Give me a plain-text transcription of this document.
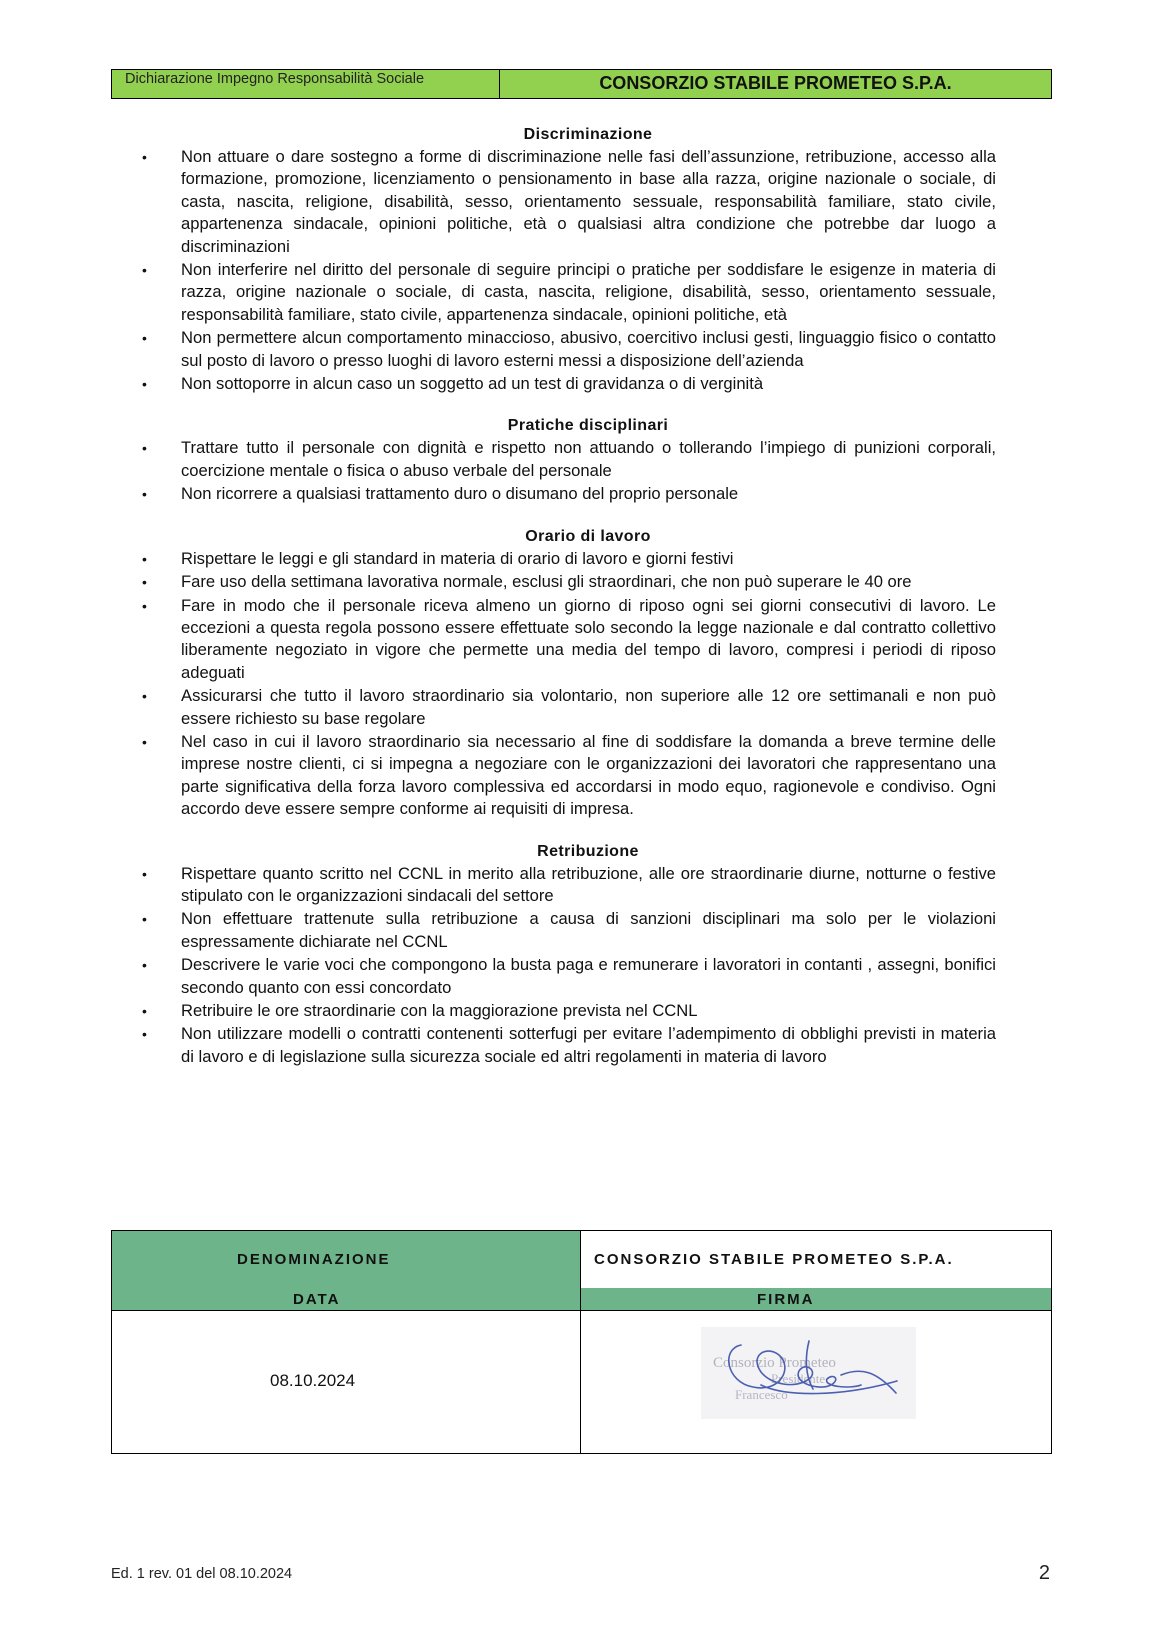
Dichiarazione Impegno Responsabilità Sociale	CONSORZIO STABILE PROMETEO S.P.A.
Discriminazione
• Non attuare o dare sostegno a forme di discriminazione nelle fasi dell’assunzione, retribuzione, accesso alla formazione, promozione, licenziamento o pensionamento in base alla razza, origine nazionale o sociale, di casta, nascita, religione, disabilità, sesso, orientamento sessuale, responsabilità familiare, stato civile, appartenenza sindacale, opinioni politiche, età o qualsiasi altra condizione che potrebbe dar luogo a discriminazioni
• Non interferire nel diritto del personale di seguire principi o pratiche per soddisfare le esigenze in materia di razza, origine nazionale o sociale, di casta, nascita, religione, disabilità, sesso, orientamento sessuale, responsabilità familiare, stato civile, appartenenza sindacale, opinioni politiche, età
• Non permettere alcun comportamento minaccioso, abusivo, coercitivo inclusi gesti, linguaggio fisico o contatto sul posto di lavoro o presso luoghi di lavoro esterni messi a disposizione dell’azienda
• Non sottoporre in alcun caso un soggetto ad un test di gravidanza o di verginità
Pratiche disciplinari
• Trattare tutto il personale con dignità e rispetto non attuando o tollerando l’impiego di punizioni corporali, coercizione mentale o fisica o abuso verbale del personale
• Non ricorrere a qualsiasi trattamento duro o disumano del proprio personale
Orario di lavoro
• Rispettare le leggi e gli standard in materia di orario di lavoro e giorni festivi
• Fare uso della settimana lavorativa normale, esclusi gli straordinari, che non può superare le 40 ore
• Fare in modo che il personale riceva almeno un giorno di riposo ogni sei giorni consecutivi di lavoro. Le eccezioni a questa regola possono essere effettuate solo secondo la legge nazionale e dal contratto collettivo liberamente negoziato in vigore che permette una media del tempo di lavoro, compresi i periodi di riposo adeguati
• Assicurarsi che tutto il lavoro straordinario sia volontario, non superiore alle 12 ore settimanali e non può essere richiesto su base regolare
• Nel caso in cui il lavoro straordinario sia necessario al fine di soddisfare la domanda a breve termine delle imprese nostre clienti, ci si impegna a negoziare con le organizzazioni dei lavoratori che rappresentano una parte significativa della forza lavoro complessiva ed accordarsi in modo equo, ragionevole e condiviso. Ogni accordo deve essere sempre conforme ai requisiti di impresa.
Retribuzione
• Rispettare quanto scritto nel CCNL in merito alla retribuzione, alle ore straordinarie diurne, notturne o festive stipulato con le organizzazioni sindacali del settore
• Non effettuare trattenute sulla retribuzione a causa di sanzioni disciplinari ma solo per le violazioni espressamente dichiarate nel CCNL
• Descrivere le varie voci che compongono la busta paga e remunerare i lavoratori in contanti , assegni, bonifici secondo quanto con essi concordato
• Retribuire le ore straordinarie con la maggiorazione prevista nel CCNL
• Non utilizzare modelli o contratti contenenti sotterfugi per evitare l’adempimento di obblighi previsti in materia di lavoro e di legislazione sulla sicurezza sociale ed altri regolamenti in materia di lavoro
DENOMINAZIONE	CONSORZIO STABILE PROMETEO S.P.A.
DATA	FIRMA
08.10.2024
Consorzio Prometeo
Presidente
Francesco
Ed. 1 rev. 01 del 08.10.2024	2
